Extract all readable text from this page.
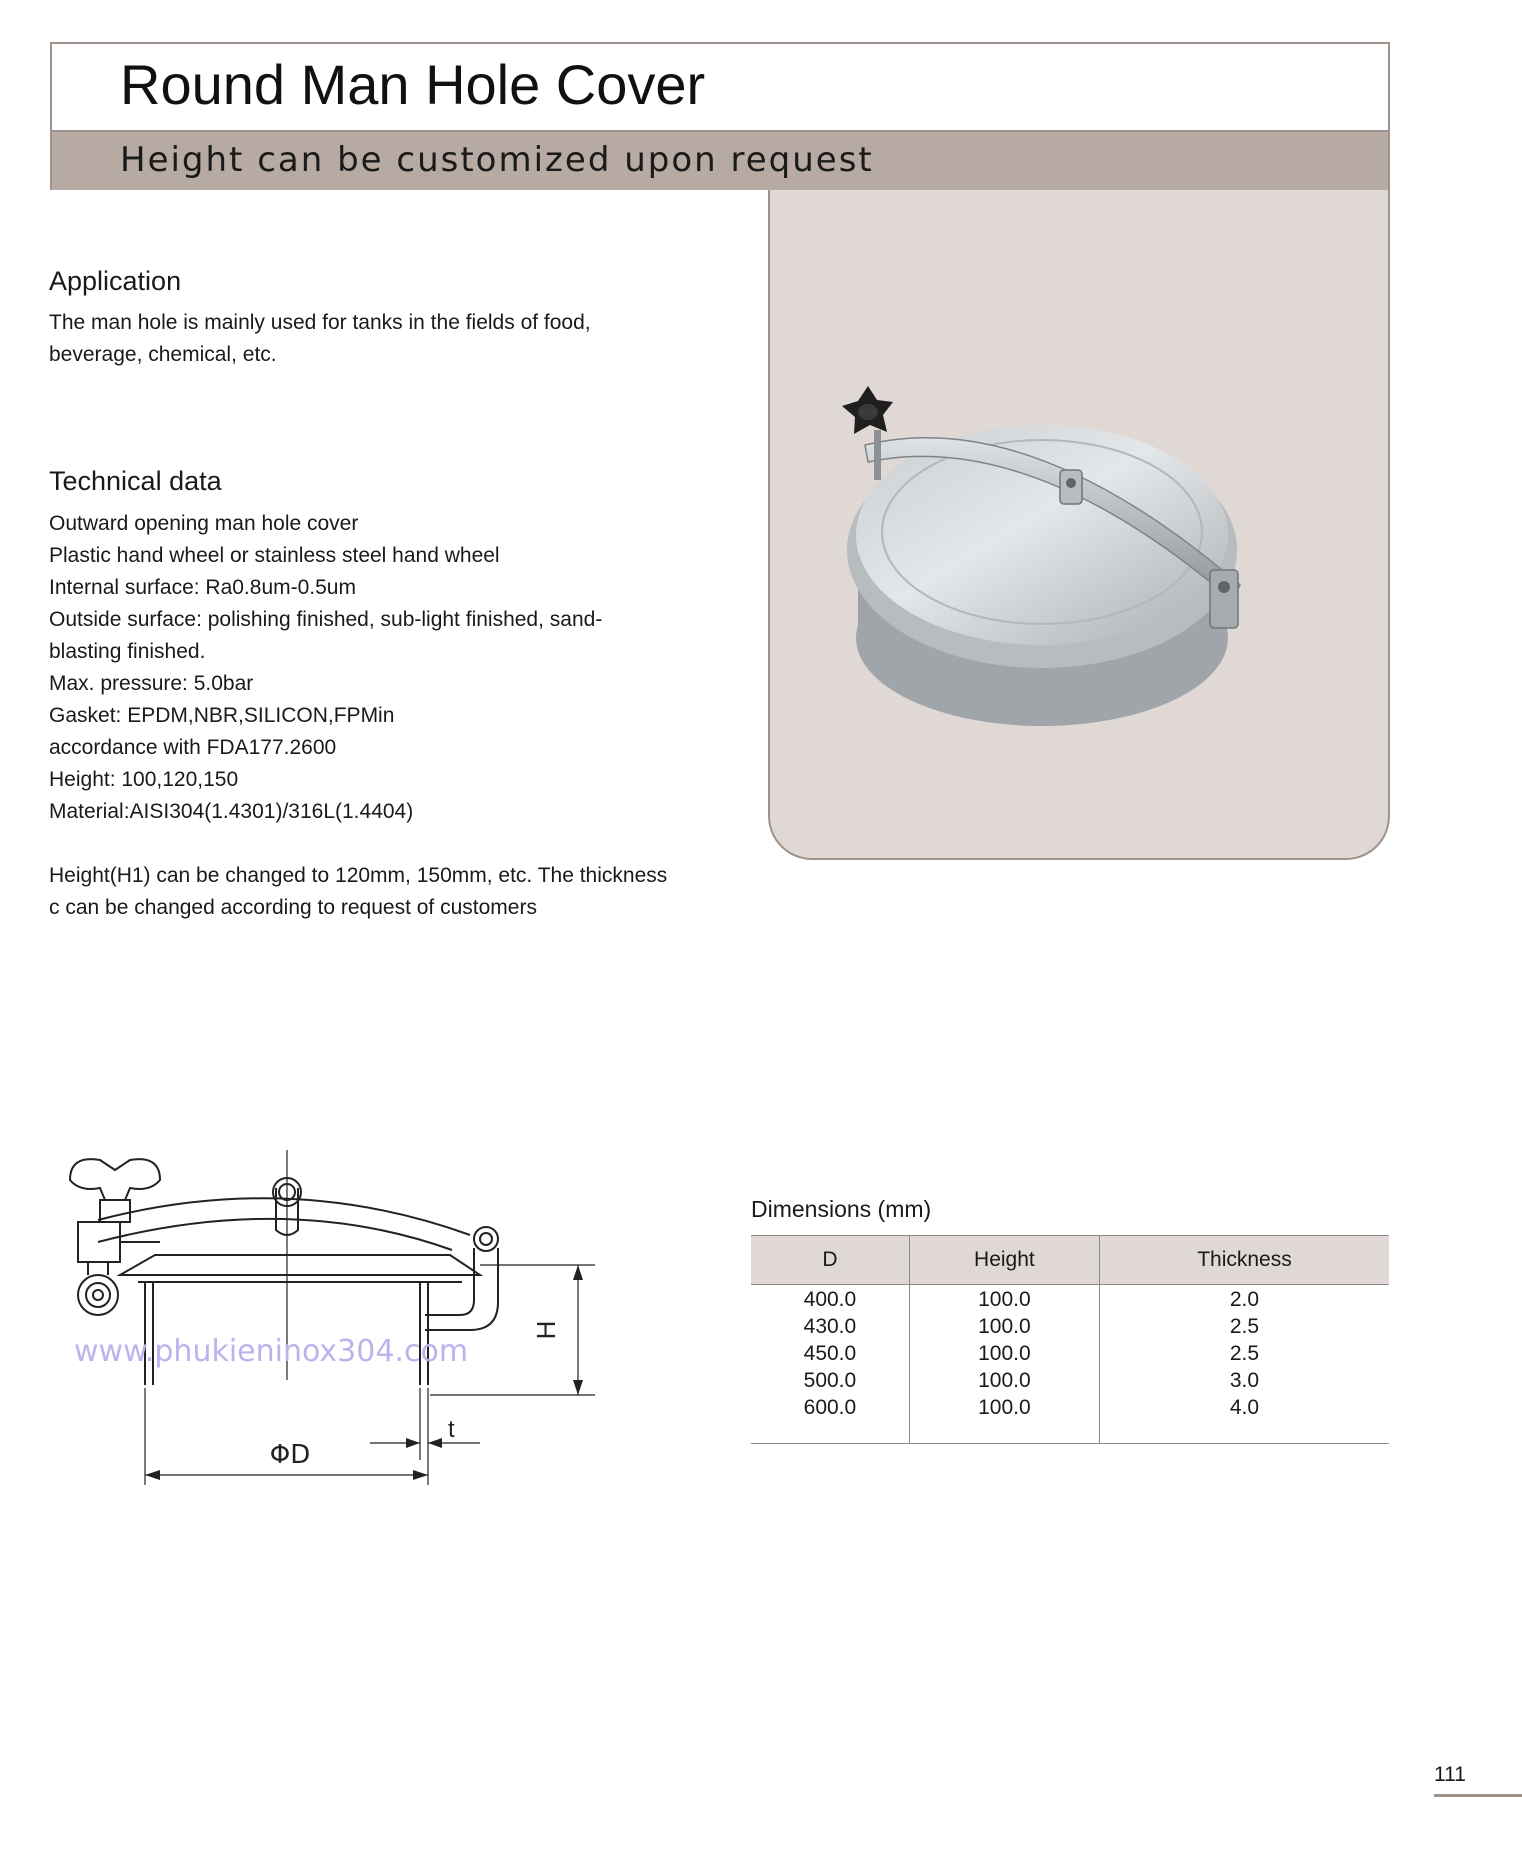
Round Man Hole Cover
Height can be customized upon request
Application
The man hole is mainly used for tanks in the fields of food,
beverage, chemical, etc.
Technical data
Outward opening man hole cover
Plastic hand wheel or stainless steel hand wheel
Internal surface: Ra0.8um-0.5um
Outside surface: polishing finished, sub-light finished, sand-
blasting finished.
Max. pressure: 5.0bar
Gasket: EPDM,NBR,SILICON,FPMin
accordance with FDA177.2600
Height: 100,120,150
Material:AISI304(1.4301)/316L(1.4404)
Height(H1) can be changed to 120mm, 150mm, etc. The thickness
c can be changed according to request of customers
H
ΦD
t
www.phukieninox304.com
Dimensions (mm)
D	Height	Thickness
400.0	100.0	2.0
430.0	100.0	2.5
450.0	100.0	2.5
500.0	100.0	3.0
600.0	100.0	4.0

111
